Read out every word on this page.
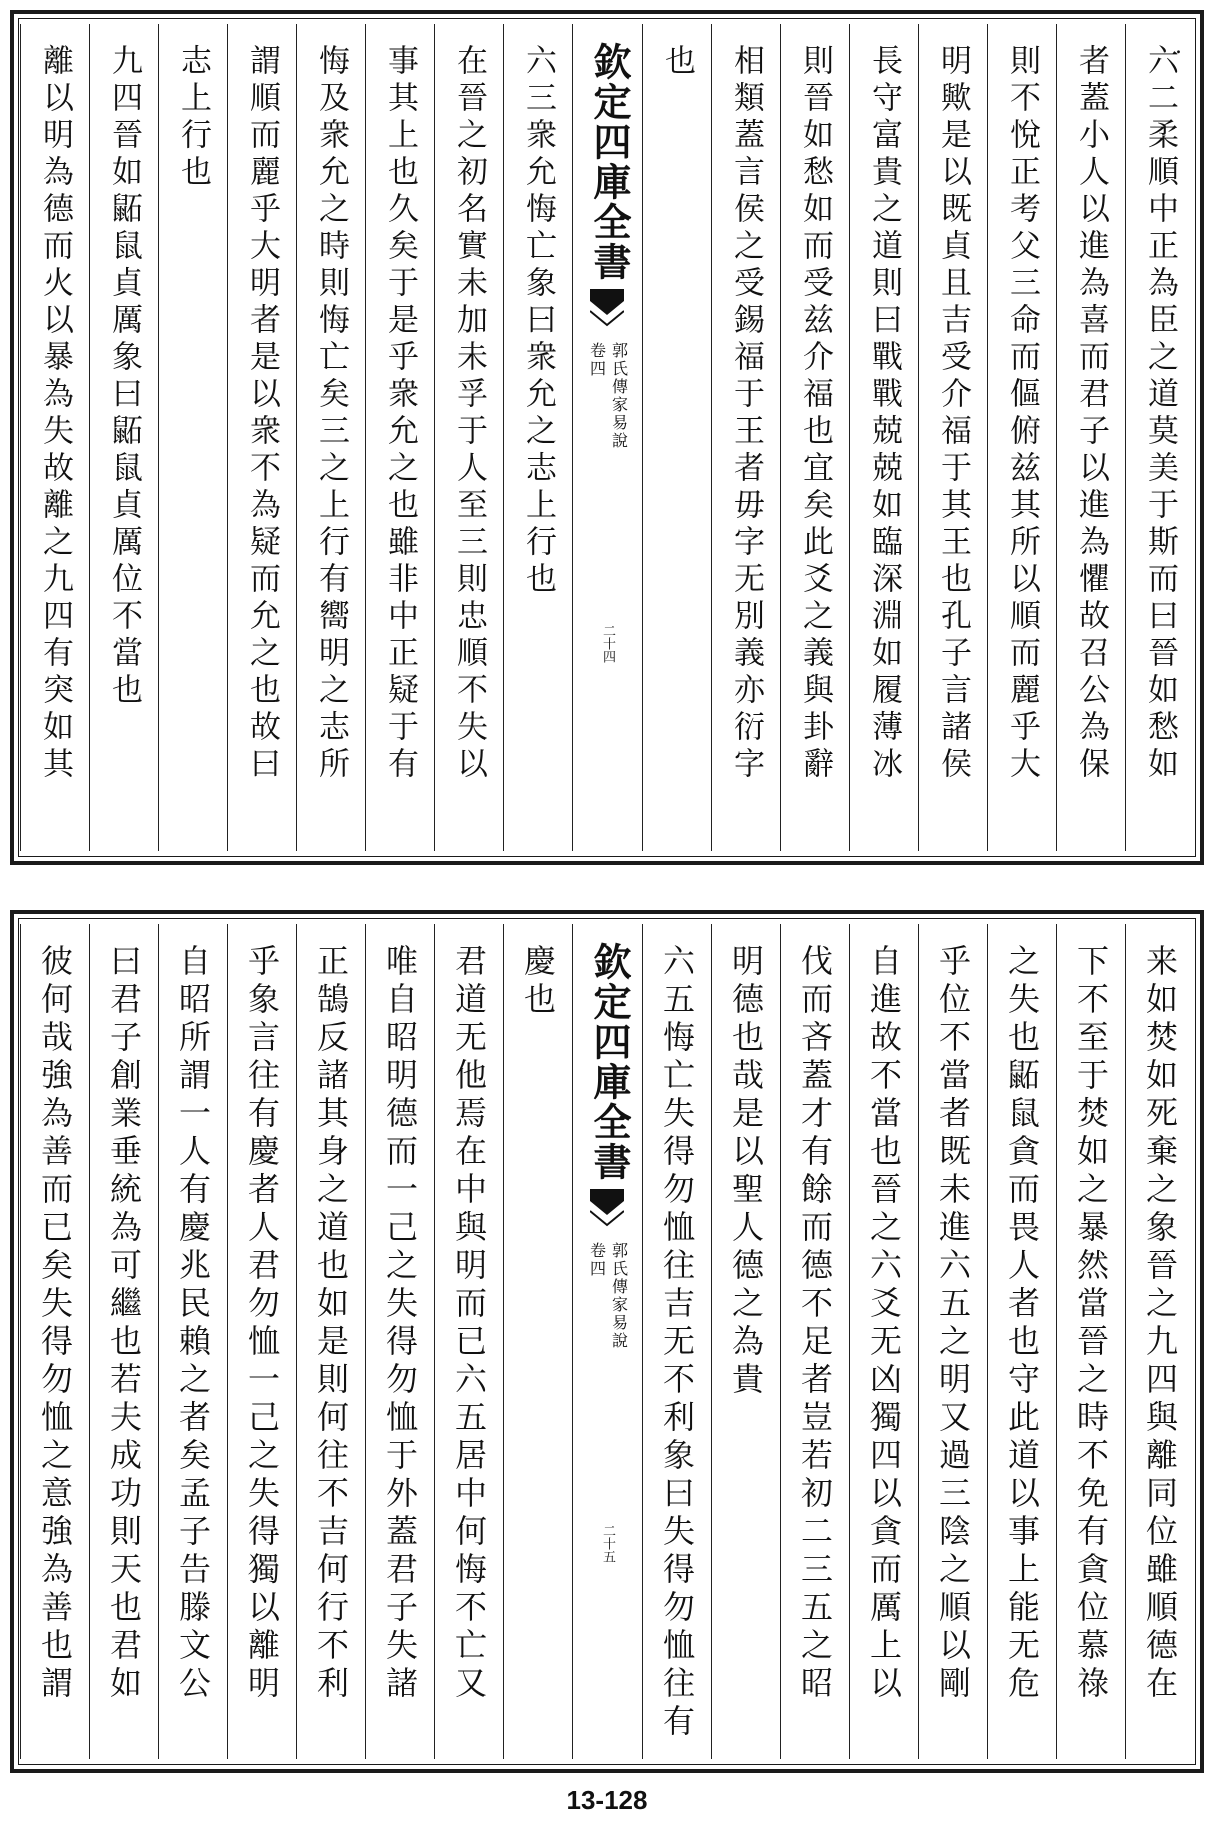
.
六二柔順中正為臣之道莫美于斯而曰晉如愁如
者蓋小人以進為喜而君子以進為懼故召公為保
則不悅正考父三命而傴俯兹其所以順而麗乎大
明歟是以既貞且吉受介福于其王也孔子言諸侯
長守富貴之道則曰戰戰兢兢如臨深淵如履薄冰
則晉如愁如而受兹介福也宜矣此爻之義與卦辭
相類蓋言侯之受錫福于王者毋字无別義亦衍字
也
欽定四庫全書
郭氏傳家易說
卷四
二十四
六三衆允悔亡象曰衆允之志上行也
在晉之初名實未加未孚于人至三則忠順不失以
事其上也久矣于是乎衆允之也雖非中正疑于有
悔及衆允之時則悔亡矣三之上行有嚮明之志所
謂順而麗乎大明者是以衆不為疑而允之也故曰
志上行也
九四晉如鼫鼠貞厲象曰鼫鼠貞厲位不當也
離以明為德而火以暴為失故離之九四有突如其
来如焚如死棄之象晉之九四與離同位雖順德在
下不至于焚如之暴然當晉之時不免有貪位慕祿
之失也鼫鼠貪而畏人者也守此道以事上能无危
乎位不當者既未進六五之明又過三陰之順以剛
自進故不當也晉之六爻无凶獨四以貪而厲上以
伐而吝蓋才有餘而德不足者豈若初二三五之昭
明德也哉是以聖人德之為貴
六五悔亡失得勿恤往吉无不利象曰失得勿恤往有
欽定四庫全書
郭氏傳家易說
卷四
二十五
慶也
君道无他焉在中與明而已六五居中何悔不亡又
唯自昭明德而一己之失得勿恤于外蓋君子失諸
正鵠反諸其身之道也如是則何往不吉何行不利
乎象言往有慶者人君勿恤一己之失得獨以離明
自昭所謂一人有慶兆民賴之者矣孟子告滕文公
曰君子創業垂統為可繼也若夫成功則天也君如
彼何哉強為善而已矣失得勿恤之意強為善也謂
13-128
